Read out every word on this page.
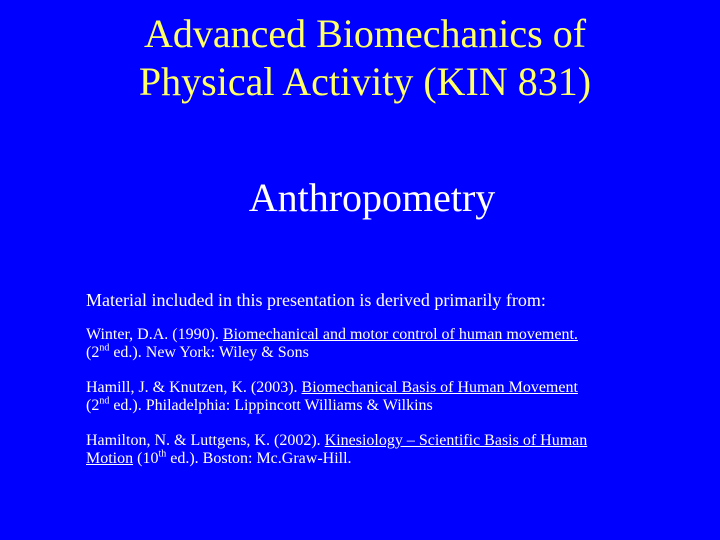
Advanced Biomechanics of
Physical Activity (KIN 831)
Anthropometry
Material included in this presentation is derived primarily from:
Winter, D.A. (1990). Biomechanical and motor control of human movement.
(2nd ed.). New York: Wiley & Sons
Hamill, J. & Knutzen, K. (2003). Biomechanical Basis of Human Movement
(2nd ed.). Philadelphia: Lippincott Williams & Wilkins
Hamilton, N. & Luttgens, K. (2002). Kinesiology – Scientific Basis of Human
Motion (10th ed.). Boston: Mc.Graw-Hill.
